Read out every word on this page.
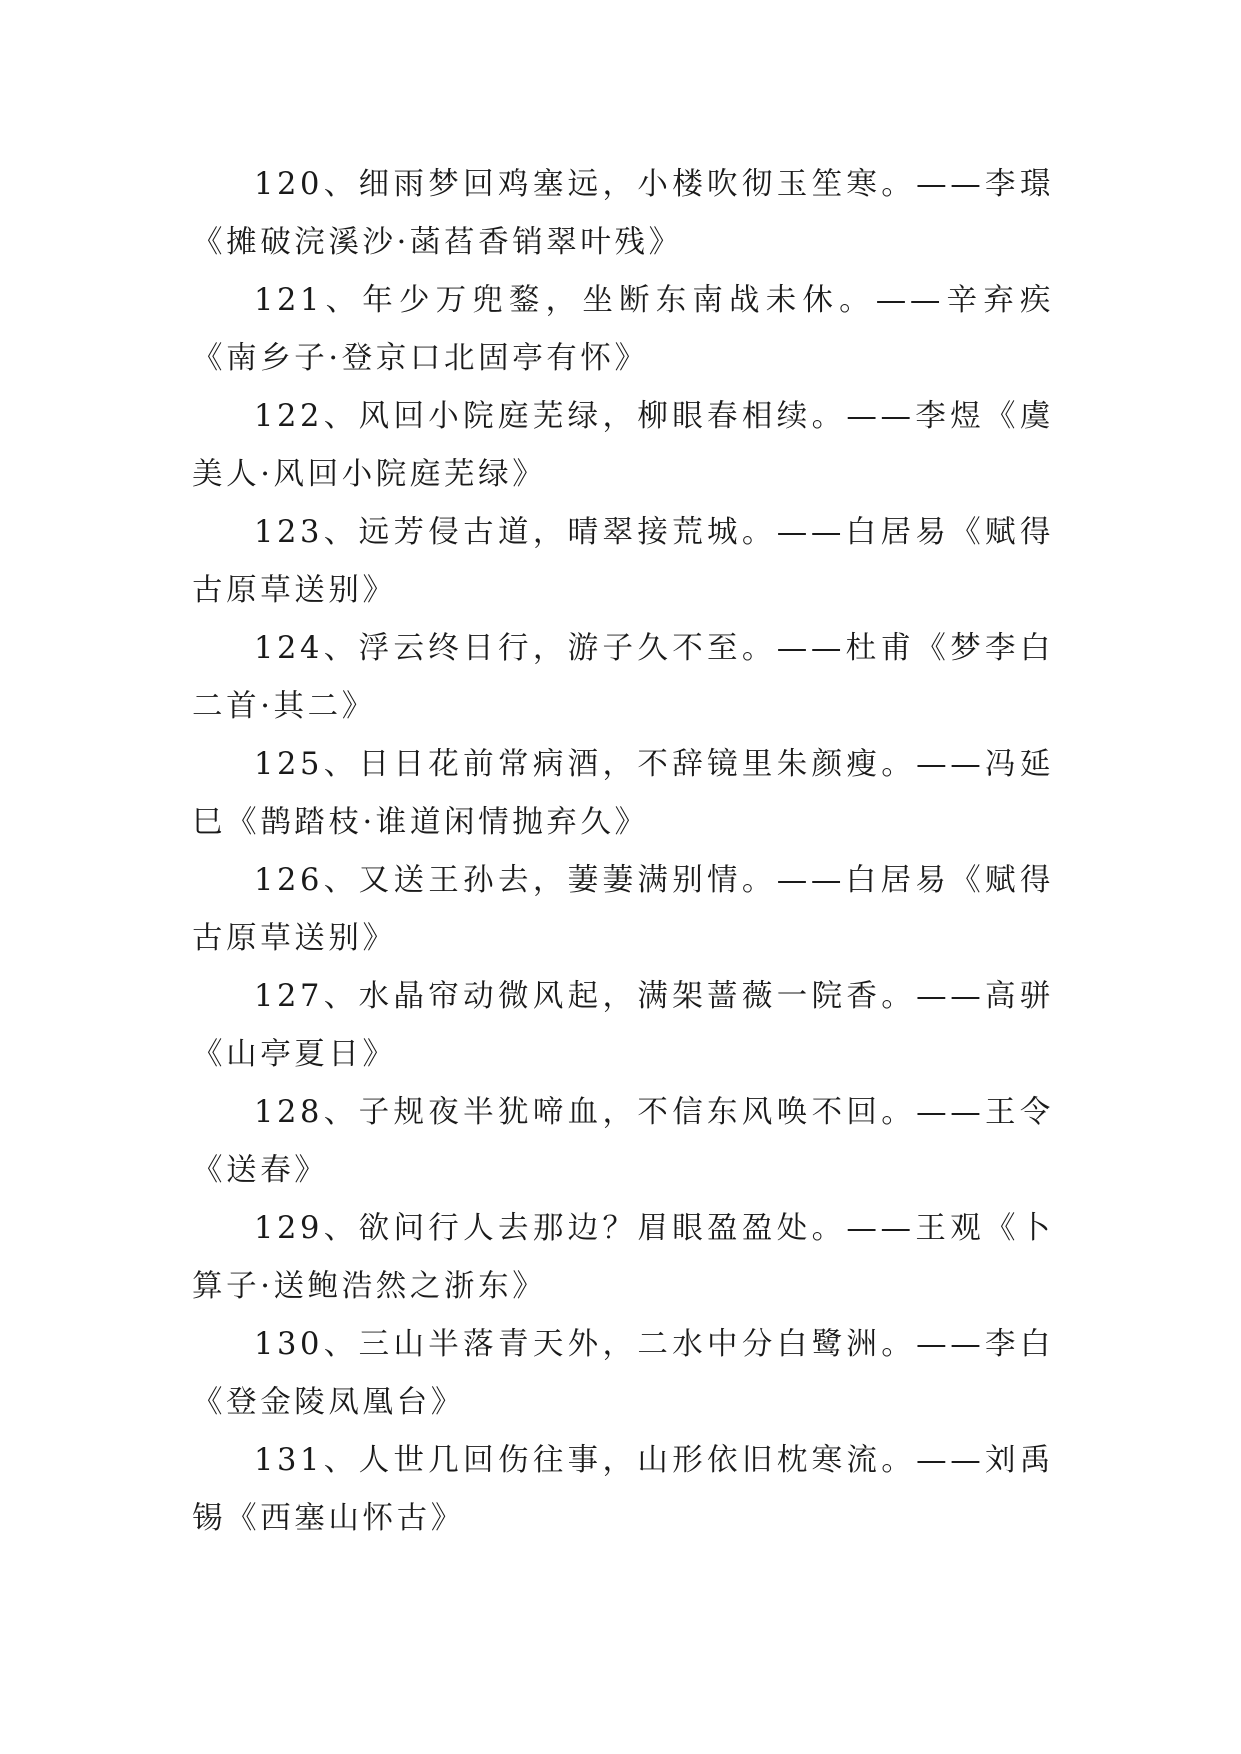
120、细雨梦回鸡塞远，小楼吹彻玉笙寒。——李璟《摊破浣溪沙·菡萏香销翠叶残》

121、年少万兜鍪，坐断东南战未休。——辛弃疾《南乡子·登京口北固亭有怀》

122、风回小院庭芜绿，柳眼春相续。——李煜《虞美人·风回小院庭芜绿》

123、远芳侵古道，晴翠接荒城。——白居易《赋得古原草送别》

124、浮云终日行，游子久不至。——杜甫《梦李白二首·其二》

125、日日花前常病酒，不辞镜里朱颜瘦。——冯延巳《鹊踏枝·谁道闲情抛弃久》

126、又送王孙去，萋萋满别情。——白居易《赋得古原草送别》

127、水晶帘动微风起，满架蔷薇一院香。——高骈《山亭夏日》

128、子规夜半犹啼血，不信东风唤不回。——王令《送春》

129、欲问行人去那边？眉眼盈盈处。——王观《卜算子·送鲍浩然之浙东》

130、三山半落青天外，二水中分白鹭洲。——李白《登金陵凤凰台》

131、人世几回伤往事，山形依旧枕寒流。——刘禹锡《西塞山怀古》
